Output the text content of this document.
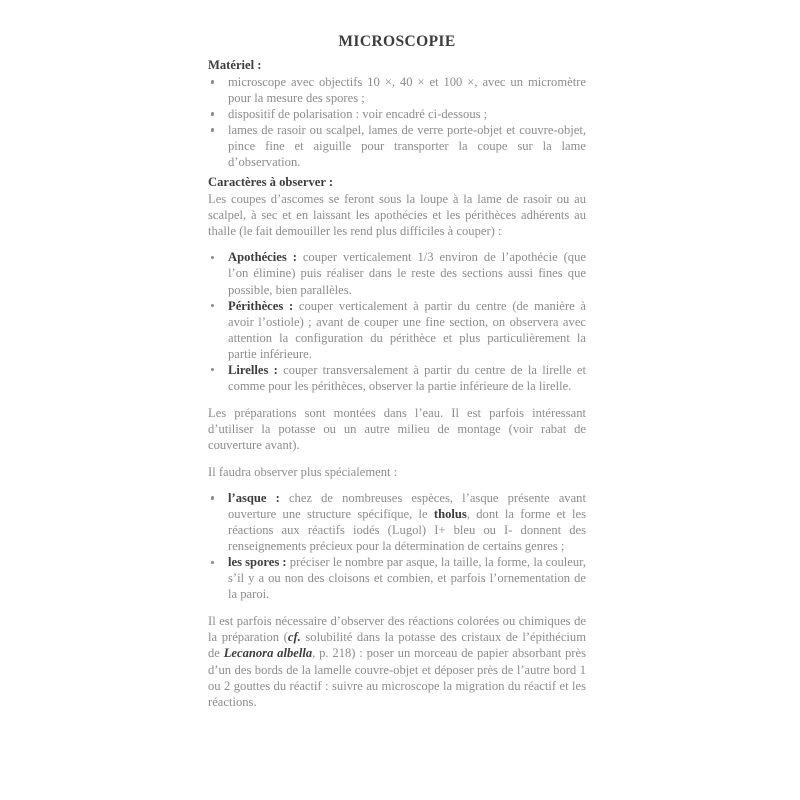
MICROSCOPIE
Matériel :
microscope avec objectifs 10 ×, 40 × et 100 ×, avec un micromètre pour la mesure des spores ;
dispositif de polarisation : voir encadré ci-dessous ;
lames de rasoir ou scalpel, lames de verre porte-objet et couvre-objet, pince fine et aiguille pour transporter la coupe sur la lame d’observation.
Caractères à observer :

Les coupes d’ascomes se feront sous la loupe à la lame de rasoir ou au scalpel, à sec et en laissant les apothécies et les périthèces adhérents au thalle (le fait demouiller les rend plus difficiles à couper) :

Apothécies : couper verticalement 1/3 environ de l’apothécie (que l’on élimine) puis réaliser dans le reste des sections aussi fines que possible, bien parallèles.
Périthèces : couper verticalement à partir du centre (de manière à avoir l’ostiole) ; avant de couper une fine section, on observera avec attention la configuration du périthèce et plus particulièrement la partie inférieure.
Lirelles : couper transversalement à partir du centre de la lirelle et comme pour les périthèces, observer la partie inférieure de la lirelle.

Les préparations sont montées dans l’eau. Il est parfois intéressant d’utiliser la potasse ou un autre milieu de montage (voir rabat de couverture avant).

Il faudra observer plus spécialement :

l’asque : chez de nombreuses espèces, l’asque présente avant ouverture une structure spécifique, le tholus, dont la forme et les réactions aux réactifs iodés (Lugol) I+ bleu ou I- donnent des renseignements précieux pour la détermination de certains genres ;
les spores : préciser le nombre par asque, la taille, la forme, la couleur, s’il y a ou non des cloisons et combien, et parfois l’ornementation de la paroi.

Il est parfois nécessaire d’observer des réactions colorées ou chimiques de la préparation (cf. solubilité dans la potasse des cristaux de l’épithécium de Lecanora albella, p. 218) : poser un morceau de papier absorbant près d’un des bords de la lamelle couvre-objet et déposer près de l’autre bord 1 ou 2 gouttes du réactif : suivre au microscope la migration du réactif et les réactions.
